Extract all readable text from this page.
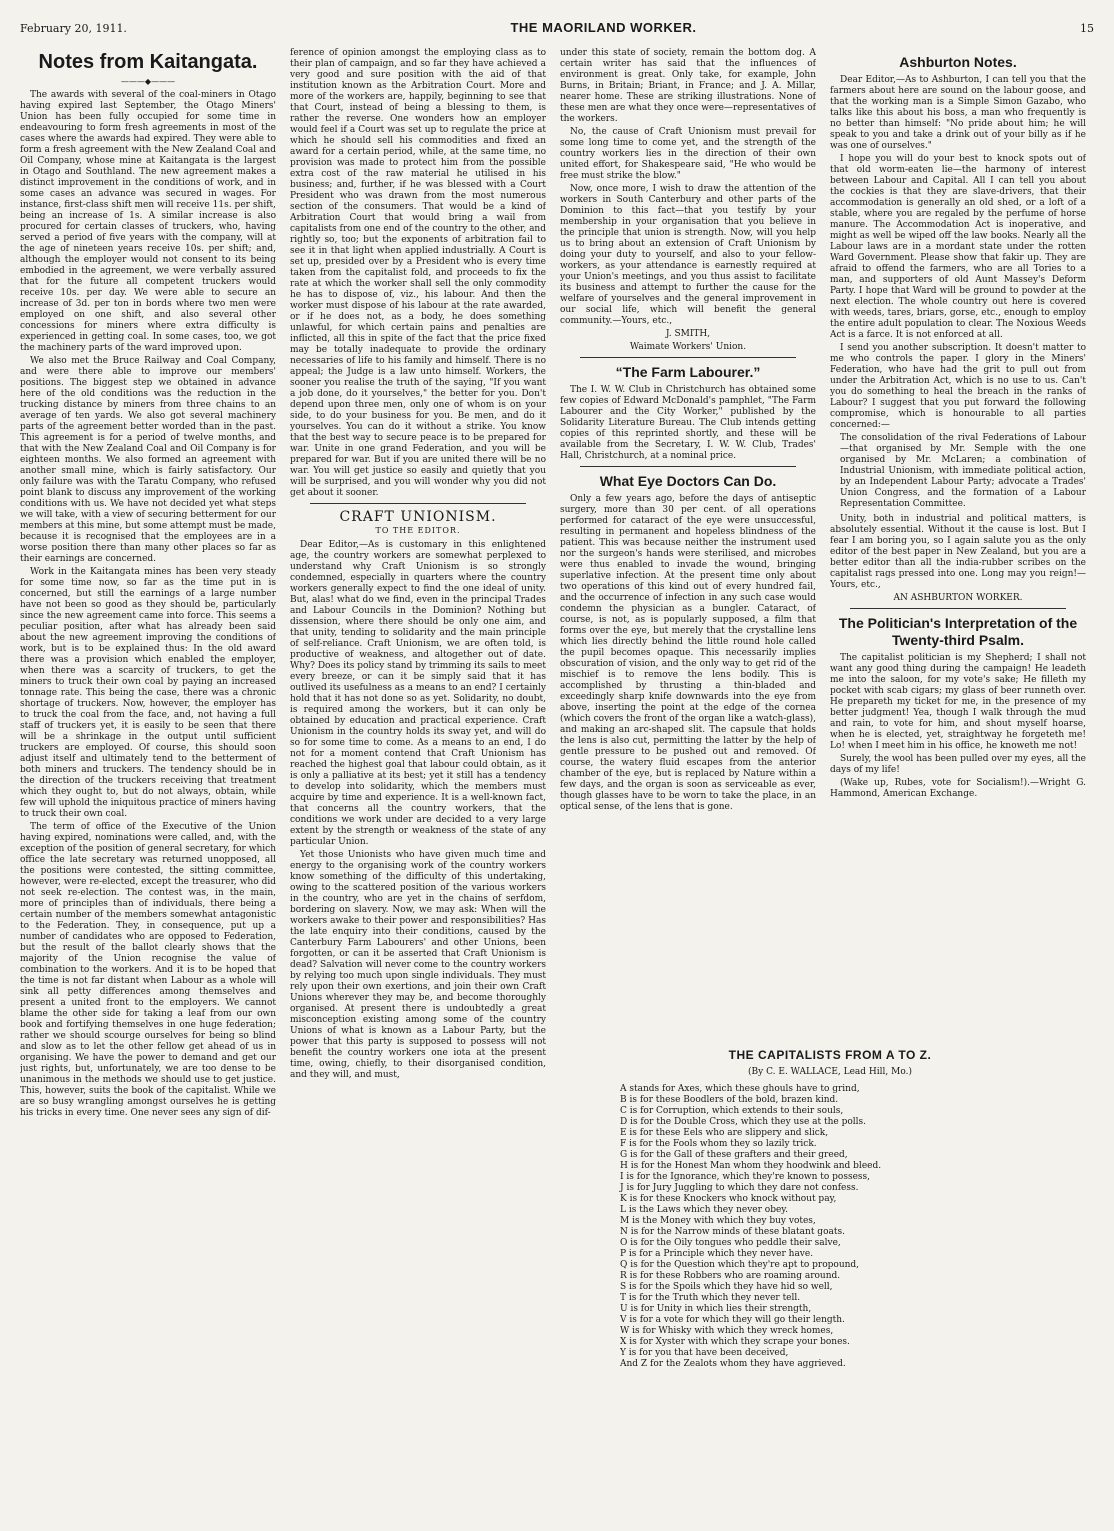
February 20, 1911.	THE MAORILAND WORKER.	15
Notes from Kaitangata.
———◆———

The awards with several of the coal-miners in Otago having expired last September, the Otago Miners' Union has been fully occupied for some time in endeavouring to form fresh agreements in most of the cases where the awards had expired. They were able to form a fresh agreement with the New Zealand Coal and Oil Company, whose mine at Kaitangata is the largest in Otago and Southland. The new agreement makes a distinct improvement in the conditions of work, and in some cases an advance was secured in wages. For instance, first-class shift men will receive 11s. per shift, being an increase of 1s. A similar increase is also procured for certain classes of truckers, who, having served a period of five years with the company, will at the age of nineteen years receive 10s. per shift; and, although the employer would not consent to its being embodied in the agreement, we were verbally assured that for the future all competent truckers would receive 10s. per day. We were able to secure an increase of 3d. per ton in bords where two men were employed on one shift, and also several other concessions for miners where extra difficulty is experienced in getting coal. In some cases, too, we got the machinery parts of the ward improved upon.

We also met the Bruce Railway and Coal Company, and were there able to improve our members' positions. The biggest step we obtained in advance here of the old conditions was the reduction in the trucking distance by miners from three chains to an average of ten yards. We also got several machinery parts of the agreement better worded than in the past. This agreement is for a period of twelve months, and that with the New Zealand Coal and Oil Company is for eighteen months. We also formed an agreement with another small mine, which is fairly satisfactory. Our only failure was with the Taratu Company, who refused point blank to discuss any improvement of the working conditions with us. We have not decided yet what steps we will take, with a view of securing betterment for our members at this mine, but some attempt must be made, because it is recognised that the employees are in a worse position there than many other places so far as their earnings are concerned.

Work in the Kaitangata mines has been very steady for some time now, so far as the time put in is concerned, but still the earnings of a large number have not been so good as they should be, particularly since the new agreement came into force. This seems a peculiar position, after what has already been said about the new agreement improving the conditions of work, but is to be explained thus: In the old award there was a provision which enabled the employer, when there was a scarcity of truckers, to get the miners to truck their own coal by paying an increased tonnage rate. This being the case, there was a chronic shortage of truckers. Now, however, the employer has to truck the coal from the face, and, not having a full staff of truckers yet, it is easily to be seen that there will be a shrinkage in the output until sufficient truckers are employed. Of course, this should soon adjust itself and ultimately tend to the betterment of both miners and truckers. The tendency should be in the direction of the truckers receiving that treatment which they ought to, but do not always, obtain, while few will uphold the iniquitous practice of miners having to truck their own coal.

The term of office of the Executive of the Union having expired, nominations were called, and, with the exception of the position of general secretary, for which office the late secretary was returned unopposed, all the positions were contested, the sitting committee, however, were re-elected, except the treasurer, who did not seek re-election. The contest was, in the main, more of principles than of individuals, there being a certain number of the members somewhat antagonistic to the Federation. They, in consequence, put up a number of candidates who are opposed to Federation, but the result of the ballot clearly shows that the majority of the Union recognise the value of combination to the workers. And it is to be hoped that the time is not far distant when Labour as a whole will sink all petty differences among themselves and present a united front to the employers. We cannot blame the other side for taking a leaf from our own book and fortifying themselves in one huge federation; rather we should scourge ourselves for being so blind and slow as to let the other fellow get ahead of us in organising. We have the power to demand and get our just rights, but, unfortunately, we are too dense to be unanimous in the methods we should use to get justice. This, however, suits the book of the capitalist. While we are so busy wrangling amongst ourselves he is getting his tricks in every time. One never sees any sign of dif-

ference of opinion amongst the employing class as to their plan of campaign, and so far they have achieved a very good and sure position with the aid of that institution known as the Arbitration Court. More and more of the workers are, happily, beginning to see that that Court, instead of being a blessing to them, is rather the reverse. One wonders how an employer would feel if a Court was set up to regulate the price at which he should sell his commodities and fixed an award for a certain period, while, at the same time, no provision was made to protect him from the possible extra cost of the raw material he utilised in his business; and, further, if he was blessed with a Court President who was drawn from the most numerous section of the consumers. That would be a kind of Arbitration Court that would bring a wail from capitalists from one end of the country to the other, and rightly so, too; but the exponents of arbitration fail to see it in that light when applied industrially. A Court is set up, presided over by a President who is every time taken from the capitalist fold, and proceeds to fix the rate at which the worker shall sell the only commodity he has to dispose of, viz., his labour. And then the worker must dispose of his labour at the rate awarded, or if he does not, as a body, he does something unlawful, for which certain pains and penalties are inflicted, all this in spite of the fact that the price fixed may be totally inadequate to provide the ordinary necessaries of life to his family and himself. There is no appeal; the Judge is a law unto himself. Workers, the sooner you realise the truth of the saying, "If you want a job done, do it yourselves," the better for you. Don't depend upon three men, only one of whom is on your side, to do your business for you. Be men, and do it yourselves. You can do it without a strike. You know that the best way to secure peace is to be prepared for war. Unite in one grand Federation, and you will be prepared for war. But if you are united there will be no war. You will get justice so easily and quietly that you will be surprised, and you will wonder why you did not get about it sooner.

CRAFT UNIONISM.
TO THE EDITOR.

Dear Editor,—As is customary in this enlightened age, the country workers are somewhat perplexed to understand why Craft Unionism is so strongly condemned, especially in quarters where the country workers generally expect to find the one ideal of unity. But, alas! what do we find, even in the principal Trades and Labour Councils in the Dominion? Nothing but dissension, where there should be only one aim, and that unity, tending to solidarity and the main principle of self-reliance. Craft Unionism, we are often told, is productive of weakness, and altogether out of date. Why? Does its policy stand by trimming its sails to meet every breeze, or can it be simply said that it has outlived its usefulness as a means to an end? I certainly hold that it has not done so as yet. Solidarity, no doubt, is required among the workers, but it can only be obtained by education and practical experience. Craft Unionism in the country holds its sway yet, and will do so for some time to come. As a means to an end, I do not for a moment contend that Craft Unionism has reached the highest goal that labour could obtain, as it is only a palliative at its best; yet it still has a tendency to develop into solidarity, which the members must acquire by time and experience. It is a well-known fact, that concerns all the country workers, that the conditions we work under are decided to a very large extent by the strength or weakness of the state of any particular Union.

Yet those Unionists who have given much time and energy to the organising work of the country workers know something of the difficulty of this undertaking, owing to the scattered position of the various workers in the country, who are yet in the chains of serfdom, bordering on slavery. Now, we may ask: When will the workers awake to their power and responsibilities? Has the late enquiry into their conditions, caused by the Canterbury Farm Labourers' and other Unions, been forgotten, or can it be asserted that Craft Unionism is dead? Salvation will never come to the country workers by relying too much upon single individuals. They must rely upon their own exertions, and join their own Craft Unions wherever they may be, and become thoroughly organised. At present there is undoubtedly a great misconception existing among some of the country Unions of what is known as a Labour Party, but the power that this party is supposed to possess will not benefit the country workers one iota at the present time, owing, chiefly, to their disorganised condition, and they will, and must,

under this state of society, remain the bottom dog. A certain writer has said that the influences of environment is great. Only take, for example, John Burns, in Britain; Briant, in France; and J. A. Millar, nearer home. These are striking illustrations. None of these men are what they once were—representatives of the workers.

No, the cause of Craft Unionism must prevail for some long time to come yet, and the strength of the country workers lies in the direction of their own united effort, for Shakespeare said, "He who would be free must strike the blow."

Now, once more, I wish to draw the attention of the workers in South Canterbury and other parts of the Dominion to this fact—that you testify by your membership in your organisation that you believe in the principle that union is strength. Now, will you help us to bring about an extension of Craft Unionism by doing your duty to yourself, and also to your fellow-workers, as your attendance is earnestly required at your Union's meetings, and you thus assist to facilitate its business and attempt to further the cause for the welfare of yourselves and the general improvement in our social life, which will benefit the general community.—Yours, etc.,

J. SMITH,
Waimate Workers' Union.
“The Farm Labourer.”

The I. W. W. Club in Christchurch has obtained some few copies of Edward McDonald's pamphlet, "The Farm Labourer and the City Worker," published by the Solidarity Literature Bureau. The Club intends getting copies of this reprinted shortly, and these will be available from the Secretary, I. W. W. Club, Trades' Hall, Christchurch, at a nominal price.

What Eye Doctors Can Do.

Only a few years ago, before the days of antiseptic surgery, more than 30 per cent. of all operations performed for cataract of the eye were unsuccessful, resulting in permanent and hopeless blindness of the patient. This was because neither the instrument used nor the surgeon's hands were sterilised, and microbes were thus enabled to invade the wound, bringing superlative infection. At the present time only about two operations of this kind out of every hundred fail, and the occurrence of infection in any such case would condemn the physician as a bungler. Cataract, of course, is not, as is popularly supposed, a film that forms over the eye, but merely that the crystalline lens which lies directly behind the little round hole called the pupil becomes opaque. This necessarily implies obscuration of vision, and the only way to get rid of the mischief is to remove the lens bodily. This is accomplished by thrusting a thin-bladed and exceedingly sharp knife downwards into the eye from above, inserting the point at the edge of the cornea (which covers the front of the organ like a watch-glass), and making an arc-shaped slit. The capsule that holds the lens is also cut, permitting the latter by the help of gentle pressure to be pushed out and removed. Of course, the watery fluid escapes from the anterior chamber of the eye, but is replaced by Nature within a few days, and the organ is soon as serviceable as ever, though glasses have to be worn to take the place, in an optical sense, of the lens that is gone.

Ashburton Notes.

Dear Editor,—As to Ashburton, I can tell you that the farmers about here are sound on the labour goose, and that the working man is a Simple Simon Gazabo, who talks like this about his boss, a man who frequently is no better than himself: "No pride about him; he will speak to you and take a drink out of your billy as if he was one of ourselves."

I hope you will do your best to knock spots out of that old worm-eaten lie—the harmony of interest between Labour and Capital. All I can tell you about the cockies is that they are slave-drivers, that their accommodation is generally an old shed, or a loft of a stable, where you are regaled by the perfume of horse manure. The Accommodation Act is inoperative, and might as well be wiped off the law books. Nearly all the Labour laws are in a mordant state under the rotten Ward Government. Please show that fakir up. They are afraid to offend the farmers, who are all Tories to a man, and supporters of old Aunt Massey's Deform Party. I hope that Ward will be ground to powder at the next election. The whole country out here is covered with weeds, tares, briars, gorse, etc., enough to employ the entire adult population to clear. The Noxious Weeds Act is a farce. It is not enforced at all.

I send you another subscription. It doesn't matter to me who controls the paper. I glory in the Miners' Federation, who have had the grit to pull out from under the Arbitration Act, which is no use to us. Can't you do something to heal the breach in the ranks of Labour? I suggest that you put forward the following compromise, which is honourable to all parties concerned:—

The consolidation of the rival Federations of Labour—that organised by Mr. Semple with the one organised by Mr. McLaren; a combination of Industrial Unionism, with immediate political action, by an Independent Labour Party; advocate a Trades' Union Congress, and the formation of a Labour Representation Committee.

Unity, both in industrial and political matters, is absolutely essential. Without it the cause is lost. But I fear I am boring you, so I again salute you as the only editor of the best paper in New Zealand, but you are a better editor than all the india-rubber scribes on the capitalist rags pressed into one. Long may you reign!—Yours, etc.,

AN ASHBURTON WORKER.
The Politician's Interpretation of the Twenty-third Psalm.

The capitalist politician is my Shepherd; I shall not want any good thing during the campaign! He leadeth me into the saloon, for my vote's sake; He filleth my pocket with scab cigars; my glass of beer runneth over. He prepareth my ticket for me, in the presence of my better judgment! Yea, though I walk through the mud and rain, to vote for him, and shout myself hoarse, when he is elected, yet, straightway he forgeteth me! Lo! when I meet him in his office, he knoweth me not!

Surely, the wool has been pulled over my eyes, all the days of my life!

(Wake up, Rubes, vote for Socialism!).—Wright G. Hammond, American Exchange.

THE CAPITALISTS FROM A TO Z.
(By C. E. WALLACE, Lead Hill, Mo.)
A stands for Axes, which these ghouls have to grind,
B is for these Boodlers of the bold, brazen kind.
C is for Corruption, which extends to their souls,
D is for the Double Cross, which they use at the polls.
E is for these Eels who are slippery and slick,
F is for the Fools whom they so lazily trick.
G is for the Gall of these grafters and their greed,
H is for the Honest Man whom they hoodwink and bleed.
I is for the Ignorance, which they're known to possess,
J is for Jury Juggling to which they dare not confess.
K is for these Knockers who knock without pay,
L is the Laws which they never obey.
M is the Money with which they buy votes,
N is for the Narrow minds of these blatant goats.
O is for the Oily tongues who peddle their salve,
P is for a Principle which they never have.
Q is for the Question which they're apt to propound,
R is for these Robbers who are roaming around.
S is for the Spoils which they have hid so well,
T is for the Truth which they never tell.
U is for Unity in which lies their strength,
V is for a vote for which they will go their length.
W is for Whisky with which they wreck homes,
X is for Xyster with which they scrape your bones.
Y is for you that have been deceived,
And Z for the Zealots whom they have aggrieved.
